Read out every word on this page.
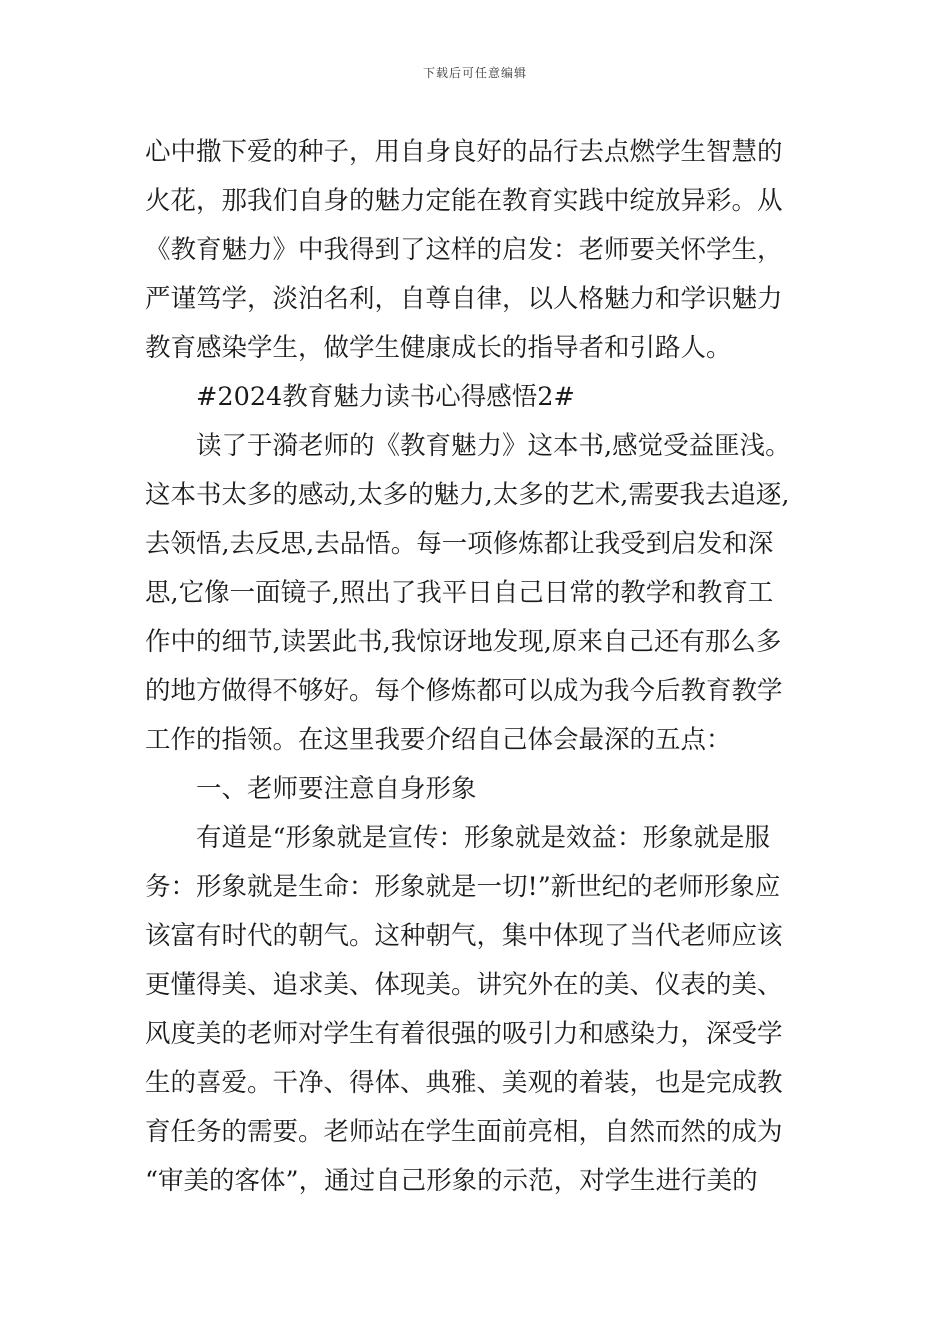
下载后可任意编辑
心中撒下爱的种子，用自身良好的品行去点燃学生智慧的
火花，那我们自身的魅力定能在教育实践中绽放异彩。从
《教育魅力》中我得到了这样的启发：老师要关怀学生，
严谨笃学，淡泊名利，自尊自律，以人格魅力和学识魅力
教育感染学生，做学生健康成长的指导者和引路人。
#2024教育魅力读书心得感悟2#
读了于漪老师的《教育魅力》这本书,感觉受益匪浅。
这本书太多的感动,太多的魅力,太多的艺术,需要我去追逐,
去领悟,去反思,去品悟。每一项修炼都让我受到启发和深
思,它像一面镜子,照出了我平日自己日常的教学和教育工
作中的细节,读罢此书,我惊讶地发现,原来自己还有那么多
的地方做得不够好。每个修炼都可以成为我今后教育教学
工作的指领。在这里我要介绍自己体会最深的五点：
一、老师要注意自身形象
有道是“形象就是宣传：形象就是效益：形象就是服
务：形象就是生命：形象就是一切!”新世纪的老师形象应
该富有时代的朝气。这种朝气，集中体现了当代老师应该
更懂得美、追求美、体现美。讲究外在的美、仪表的美、
风度美的老师对学生有着很强的吸引力和感染力，深受学
生的喜爱。干净、得体、典雅、美观的着装，也是完成教
育任务的需要。老师站在学生面前亮相，自然而然的成为
“审美的客体”，通过自己形象的示范，对学生进行美的
